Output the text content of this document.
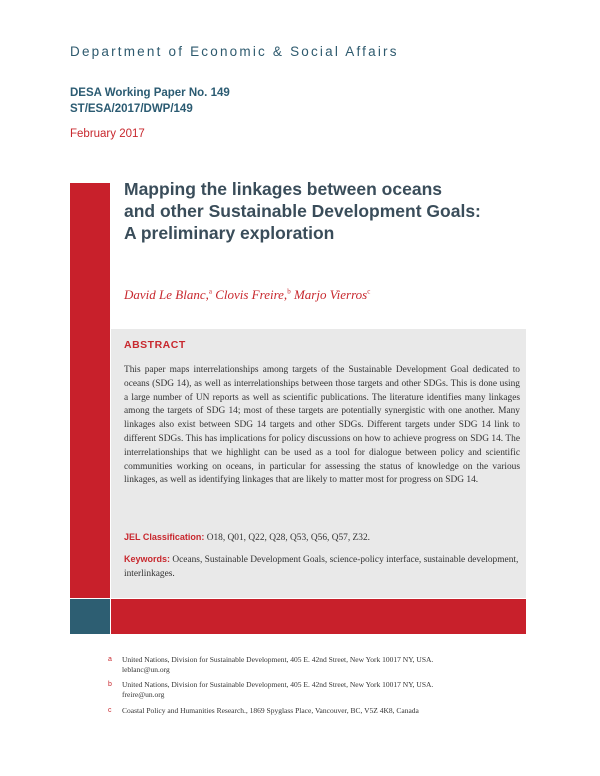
Department of Economic & Social Affairs
DESA Working Paper No. 149
ST/ESA/2017/DWP/149
February 2017
Mapping the linkages between oceans
and other Sustainable Development Goals:
A preliminary exploration
David Le Blanc,$^a$ Clovis Freire,$^b$ Marjo Vierros$^c$
ABSTRACT
This paper maps interrelationships among targets of the Sustainable Development Goal dedicated to oceans (SDG 14), as well as interrelationships between those targets and other SDGs. This is done using a large number of UN reports as well as scientific publications. The literature identifies many linkages among the targets of SDG 14; most of these targets are potentially synergistic with one another. Many linkages also exist between SDG 14 targets and other SDGs. Different targets under SDG 14 link to different SDGs. This has implications for policy discussions on how to achieve progress on SDG 14. The interrelationships that we highlight can be used as a tool for dialogue between policy and scientific communities working on oceans, in particular for assessing the status of knowledge on the various linkages, as well as identifying linkages that are likely to matter most for progress on SDG 14.
JEL Classification: O18, Q01, Q22, Q28, Q53, Q56, Q57, Z32.
Keywords: Oceans, Sustainable Development Goals, science-policy interface, sustainable development, interlinkages.
a United Nations, Division for Sustainable Development, 405 E. 42nd Street, New York 10017 NY, USA.
leblanc@un.org
b United Nations, Division for Sustainable Development, 405 E. 42nd Street, New York 10017 NY, USA.
freire@un.org
c Coastal Policy and Humanities Research., 1869 Spyglass Place, Vancouver, BC, V5Z 4K8, Canada
